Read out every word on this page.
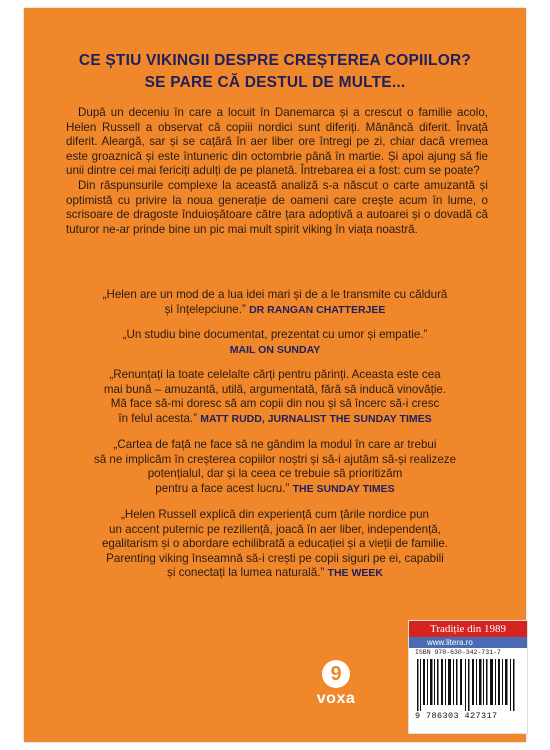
CE ȘTIU VIKINGII DESPRE CREȘTEREA COPIILOR?
SE PARE CĂ DESTUL DE MULTE...

După un deceniu în care a locuit în Danemarca și a crescut o familie acolo, Helen Russell a observat că copiii nordici sunt diferiți. Mănâncă diferit. Învață diferit. Aleargă, sar și se cațără în aer liber ore întregi pe zi, chiar dacă vremea este groaznică și este întuneric din octombrie până în martie. Și apoi ajung să fie unii dintre cei mai fericiți adulți de pe planetă. Întrebarea ei a fost: cum se poate?

Din răspunsurile complexe la această analiză s-a născut o carte amuzantă și optimistă cu privire la noua generație de oameni care crește acum în lume, o scrisoare de dragoste înduioșătoare către țara adoptivă a autoarei și o dovadă că tuturor ne-ar prinde bine un pic mai mult spirit viking în viața noastră.

„Helen are un mod de a lua idei mari și de a le transmite cu căldură
și înțelepciune.” DR RANGAN CHATTERJEE
„Un studiu bine documentat, prezentat cu umor și empatie.”
MAIL ON SUNDAY
„Renunțați la toate celelalte cărți pentru părinți. Aceasta este cea
mai bună – amuzantă, utilă, argumentată, fără să inducă vinovăție.
Mă face să-mi doresc să am copii din nou și să încerc să-i cresc
în felul acesta.” MATT RUDD, JURNALIST THE SUNDAY TIMES
„Cartea de față ne face să ne gândim la modul în care ar trebui
să ne implicăm în creșterea copiilor noștri și să-i ajutăm să-și realizeze
potențialul, dar și la ceea ce trebuie să prioritizăm
pentru a face acest lucru.” THE SUNDAY TIMES
„Helen Russell explică din experiență cum țările nordice pun
un accent puternic pe reziliență, joacă în aer liber, independență,
egalitarism și o abordare echilibrată a educației și a vieții de familie.
Parenting viking înseamnă să-i crești pe copii siguri pe ei, capabili
și conectați la lumea naturală.” THE WEEK
9
voxa
Tradiție din 1989
www.litera.ro
ISBN 978-630-342-731-7
9 786303 427317
